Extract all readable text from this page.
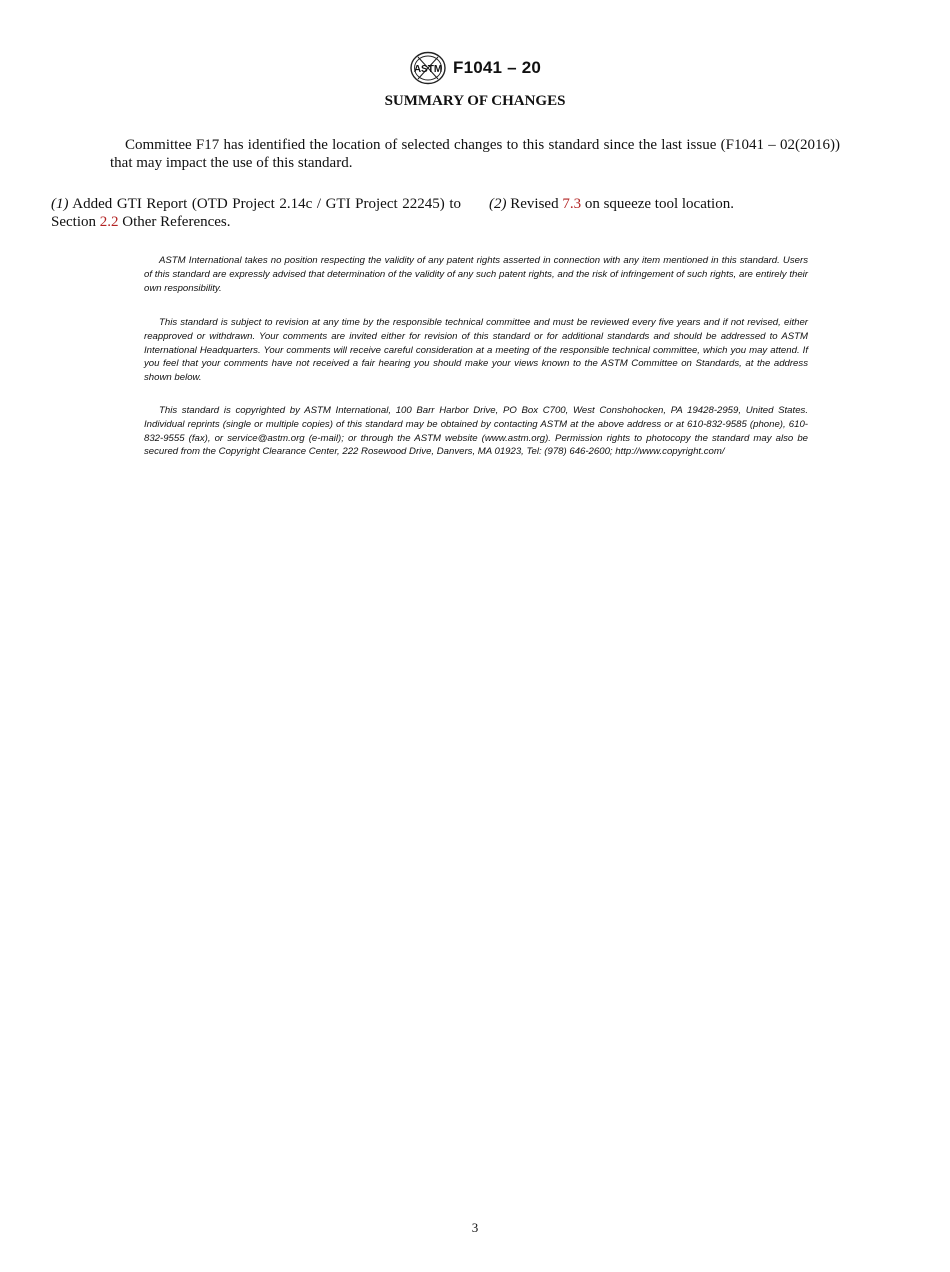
ASTM F1041 – 20
SUMMARY OF CHANGES

Committee F17 has identified the location of selected changes to this standard since the last issue (F1041 – 02(2016)) that may impact the use of this standard.

(1) Added GTI Report (OTD Project 2.14c / GTI Project 22245) to Section 2.2 Other References.

(2) Revised 7.3 on squeeze tool location.

ASTM International takes no position respecting the validity of any patent rights asserted in connection with any item mentioned in this standard. Users of this standard are expressly advised that determination of the validity of any such patent rights, and the risk of infringement of such rights, are entirely their own responsibility.

This standard is subject to revision at any time by the responsible technical committee and must be reviewed every five years and if not revised, either reapproved or withdrawn. Your comments are invited either for revision of this standard or for additional standards and should be addressed to ASTM International Headquarters. Your comments will receive careful consideration at a meeting of the responsible technical committee, which you may attend. If you feel that your comments have not received a fair hearing you should make your views known to the ASTM Committee on Standards, at the address shown below.

This standard is copyrighted by ASTM International, 100 Barr Harbor Drive, PO Box C700, West Conshohocken, PA 19428-2959, United States. Individual reprints (single or multiple copies) of this standard may be obtained by contacting ASTM at the above address or at 610-832-9585 (phone), 610-832-9555 (fax), or service@astm.org (e-mail); or through the ASTM website (www.astm.org). Permission rights to photocopy the standard may also be secured from the Copyright Clearance Center, 222 Rosewood Drive, Danvers, MA 01923, Tel: (978) 646-2600; http://www.copyright.com/

3
